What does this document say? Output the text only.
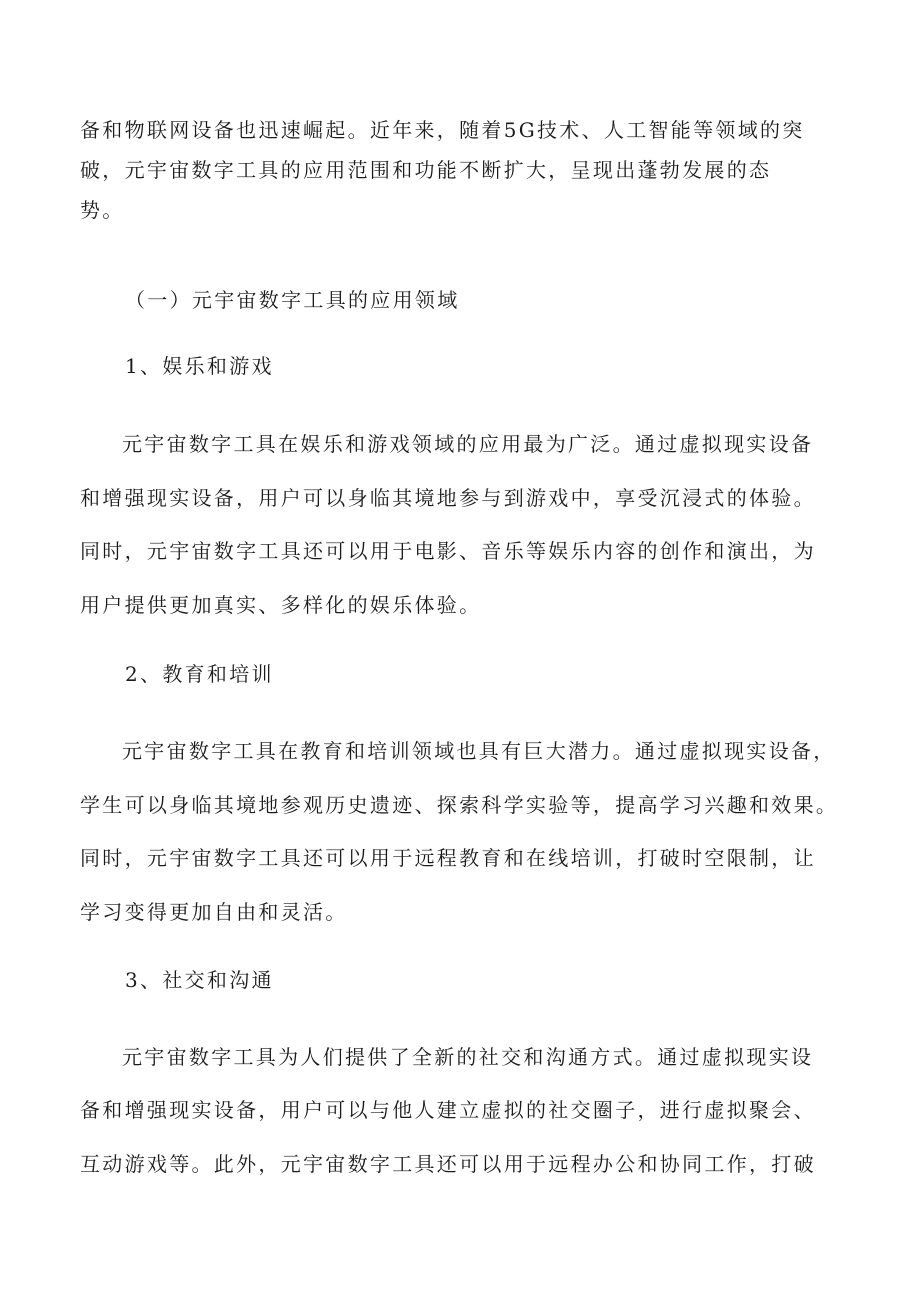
备和物联网设备也迅速崛起。近年来，随着5G技术、人工智能等领域的突
破，元宇宙数字工具的应用范围和功能不断扩大，呈现出蓬勃发展的态
势。
（一）元宇宙数字工具的应用领域
1、娱乐和游戏
元宇宙数字工具在娱乐和游戏领域的应用最为广泛。通过虚拟现实设备
和增强现实设备，用户可以身临其境地参与到游戏中，享受沉浸式的体验。
同时，元宇宙数字工具还可以用于电影、音乐等娱乐内容的创作和演出，为
用户提供更加真实、多样化的娱乐体验。
2、教育和培训
元宇宙数字工具在教育和培训领域也具有巨大潜力。通过虚拟现实设备，
学生可以身临其境地参观历史遗迹、探索科学实验等，提高学习兴趣和效果。
同时，元宇宙数字工具还可以用于远程教育和在线培训，打破时空限制，让
学习变得更加自由和灵活。
3、社交和沟通
元宇宙数字工具为人们提供了全新的社交和沟通方式。通过虚拟现实设
备和增强现实设备，用户可以与他人建立虚拟的社交圈子，进行虚拟聚会、
互动游戏等。此外，元宇宙数字工具还可以用于远程办公和协同工作，打破
